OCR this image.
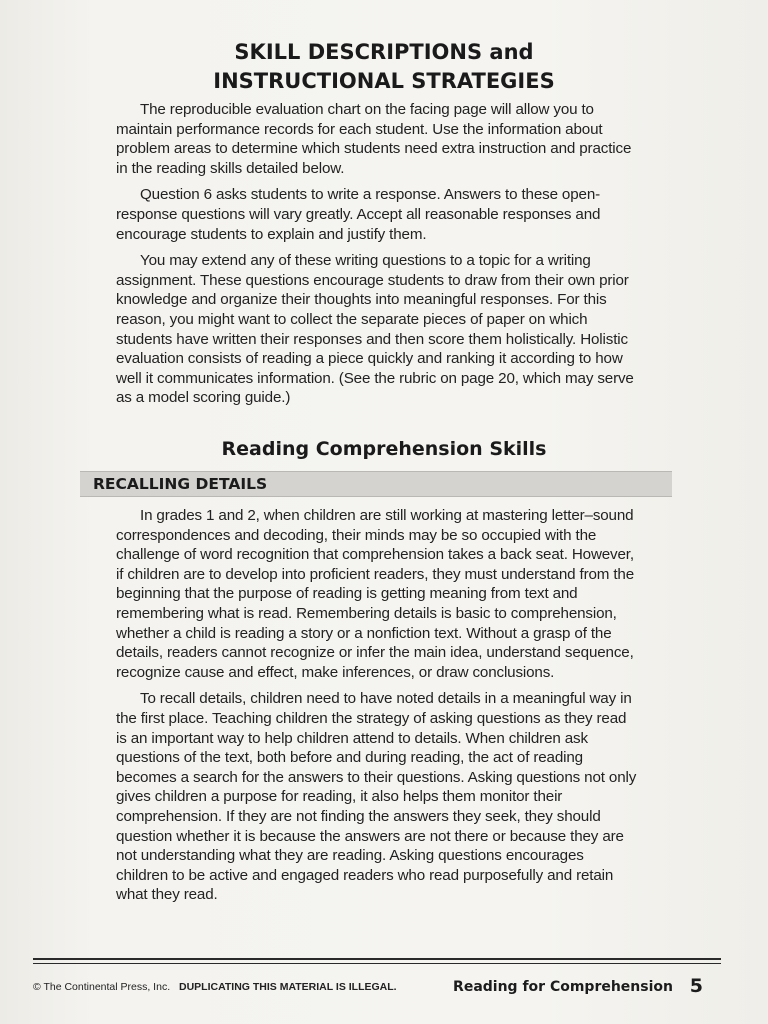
SKILL DESCRIPTIONS and
INSTRUCTIONAL STRATEGIES

The reproducible evaluation chart on the facing page will allow you to maintain performance records for each student. Use the information about problem areas to determine which students need extra instruction and practice in the reading skills detailed below.

Question 6 asks students to write a response. Answers to these open-response questions will vary greatly. Accept all reasonable responses and encourage students to explain and justify them.

You may extend any of these writing questions to a topic for a writing assignment. These questions encourage students to draw from their own prior knowledge and organize their thoughts into meaningful responses. For this reason, you might want to collect the separate pieces of paper on which students have written their responses and then score them holistically. Holistic evaluation consists of reading a piece quickly and ranking it according to how well it communicates information. (See the rubric on page 20, which may serve as a model scoring guide.)

Reading Comprehension Skills
RECALLING DETAILS

In grades 1 and 2, when children are still working at mastering letter–sound correspondences and decoding, their minds may be so occupied with the challenge of word recognition that comprehension takes a back seat. However, if children are to develop into proficient readers, they must understand from the beginning that the purpose of reading is getting meaning from text and remembering what is read. Remembering details is basic to comprehension, whether a child is reading a story or a nonfiction text. Without a grasp of the details, readers cannot recognize or infer the main idea, understand sequence, recognize cause and effect, make inferences, or draw conclusions.

To recall details, children need to have noted details in a meaningful way in the first place. Teaching children the strategy of asking questions as they read is an important way to help children attend to details. When children ask questions of the text, both before and during reading, the act of reading becomes a search for the answers to their questions. Asking questions not only gives children a purpose for reading, it also helps them monitor their comprehension. If they are not finding the answers they seek, they should question whether it is because the answers are not there or because they are not understanding what they are reading. Asking questions encourages children to be active and engaged readers who read purposefully and retain what they read.

© The Continental Press, Inc. DUPLICATING THIS MATERIAL IS ILLEGAL.	Reading for Comprehension 5
